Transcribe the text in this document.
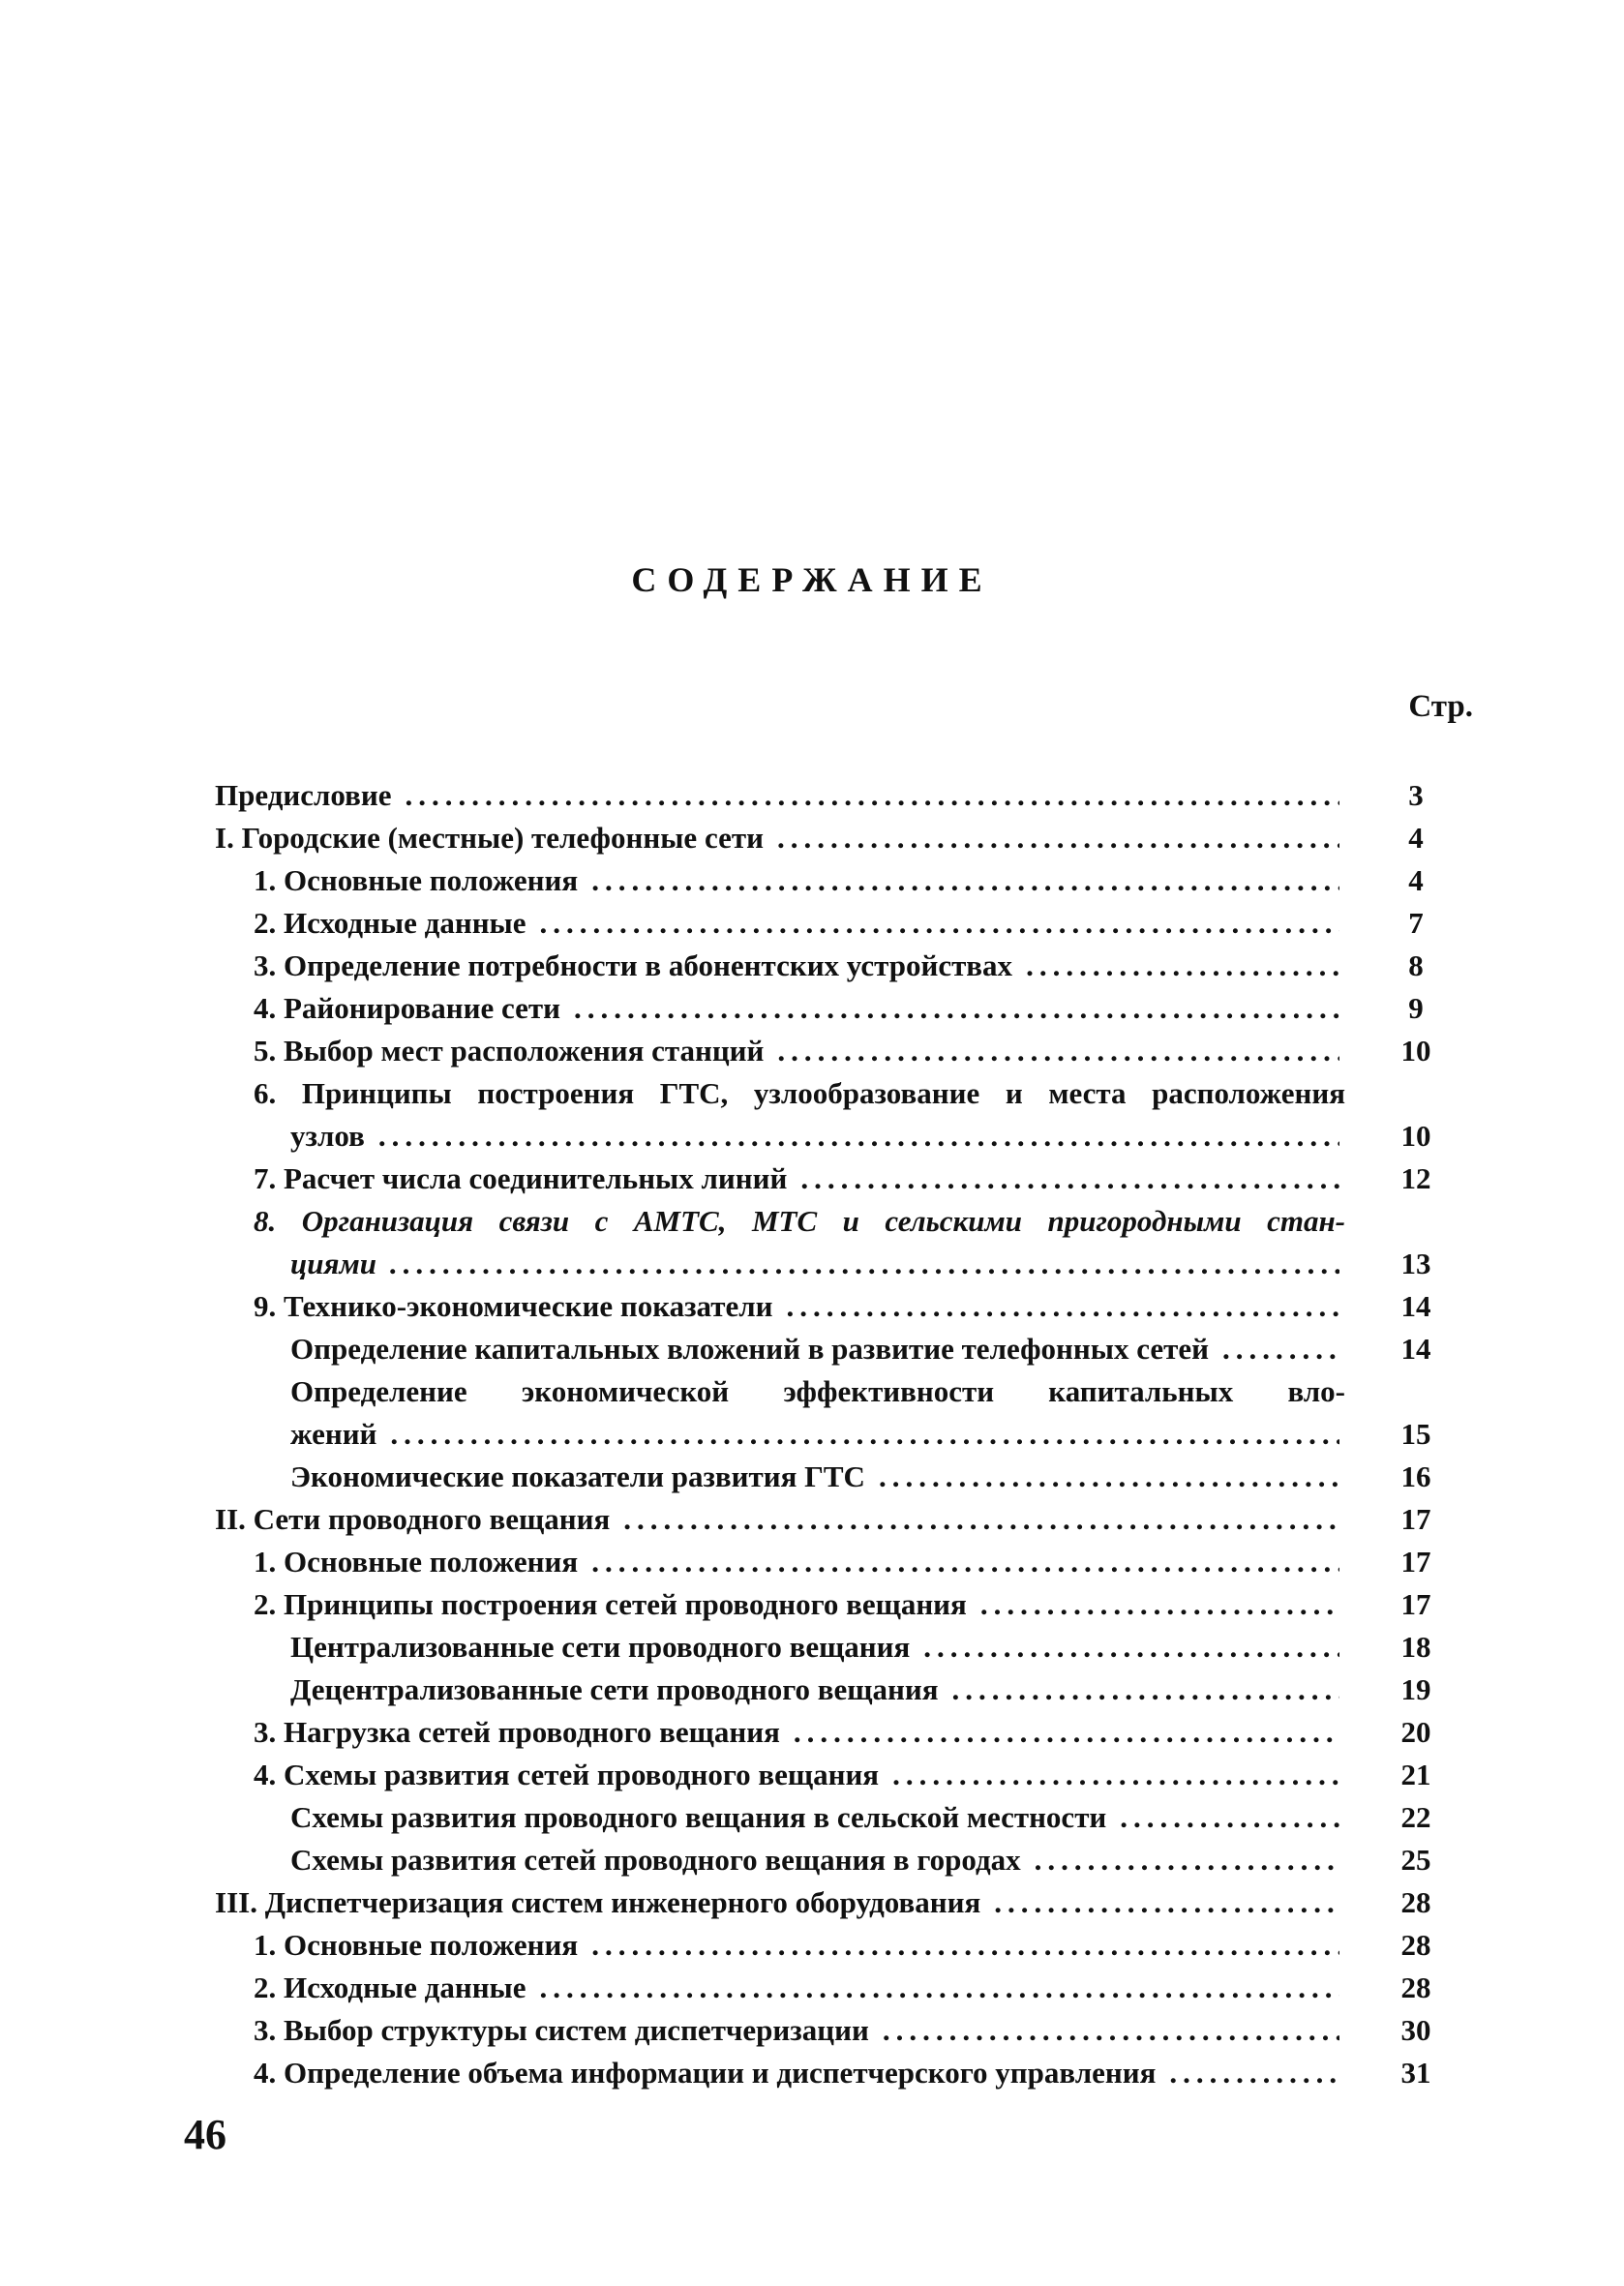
СОДЕРЖАНИЕ
Стр.
Предисловие .....	3
I. Городские (местные) телефонные сети .....	4
1. Основные положения .....	4
2. Исходные данные .....	7
3. Определение потребности в абонентских устройствах .....	8
4. Районирование сети .....	9
5. Выбор мест расположения станций .....	10
6. Принципы построения ГТС, узлообразование и места расположения
узлов .....	10
7. Расчет числа соединительных линий .....	12
8. Организация связи с АМТС, МТС и сельскими пригородными стан-
циями .....	13
9. Технико-экономические показатели .....	14
Определение капитальных вложений в развитие телефонных сетей .....	14
Определение экономической эффективности капитальных вло-
жений .....	15
Экономические показатели развития ГТС .....	16
II. Сети проводного вещания .....	17
1. Основные положения .....	17
2. Принципы построения сетей проводного вещания .....	17
Централизованные сети проводного вещания .....	18
Децентрализованные сети проводного вещания .....	19
3. Нагрузка сетей проводного вещания .....	20
4. Схемы развития сетей проводного вещания .....	21
Схемы развития проводного вещания в сельской местности .....	22
Схемы развития сетей проводного вещания в городах .....	25
III. Диспетчеризация систем инженерного оборудования .....	28
1. Основные положения .....	28
2. Исходные данные .....	28
3. Выбор структуры систем диспетчеризации .....	30
4. Определение объема информации и диспетчерского управления .....	31
46
